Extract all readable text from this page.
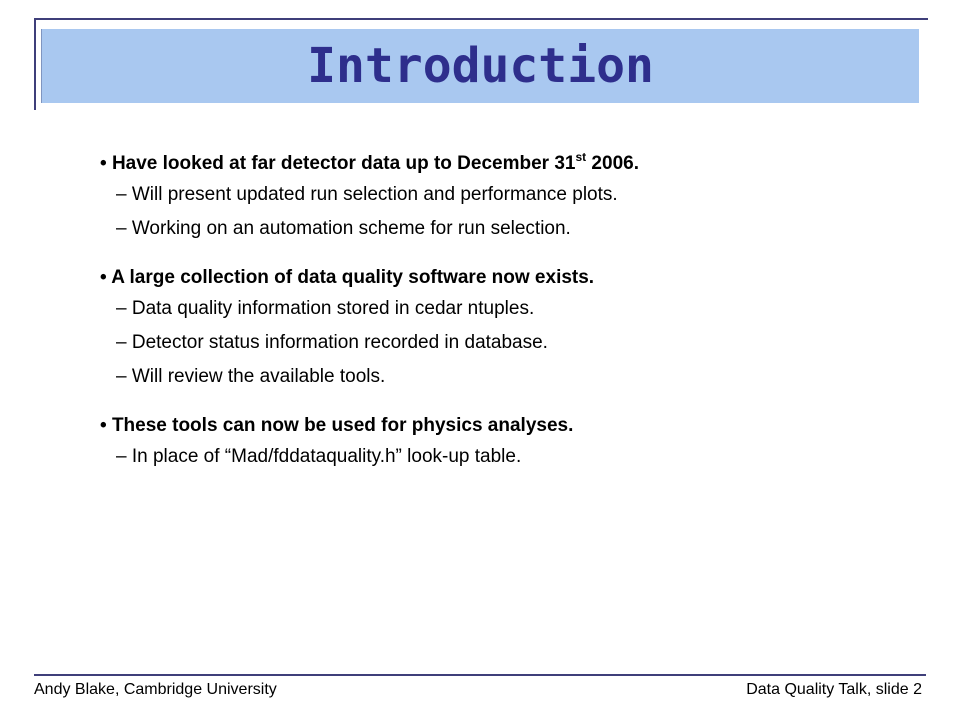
Introduction
• Have looked at far detector data up to December 31st 2006.
– Will present updated run selection and performance plots.
– Working on an automation scheme for run selection.
• A large collection of data quality software now exists.
– Data quality information stored in cedar ntuples.
– Detector status information recorded in database.
– Will review the available tools.
• These tools can now be used for physics analyses.
– In place of “Mad/fddataquality.h” look-up table.
Andy Blake, Cambridge University	Data Quality Talk, slide 2
